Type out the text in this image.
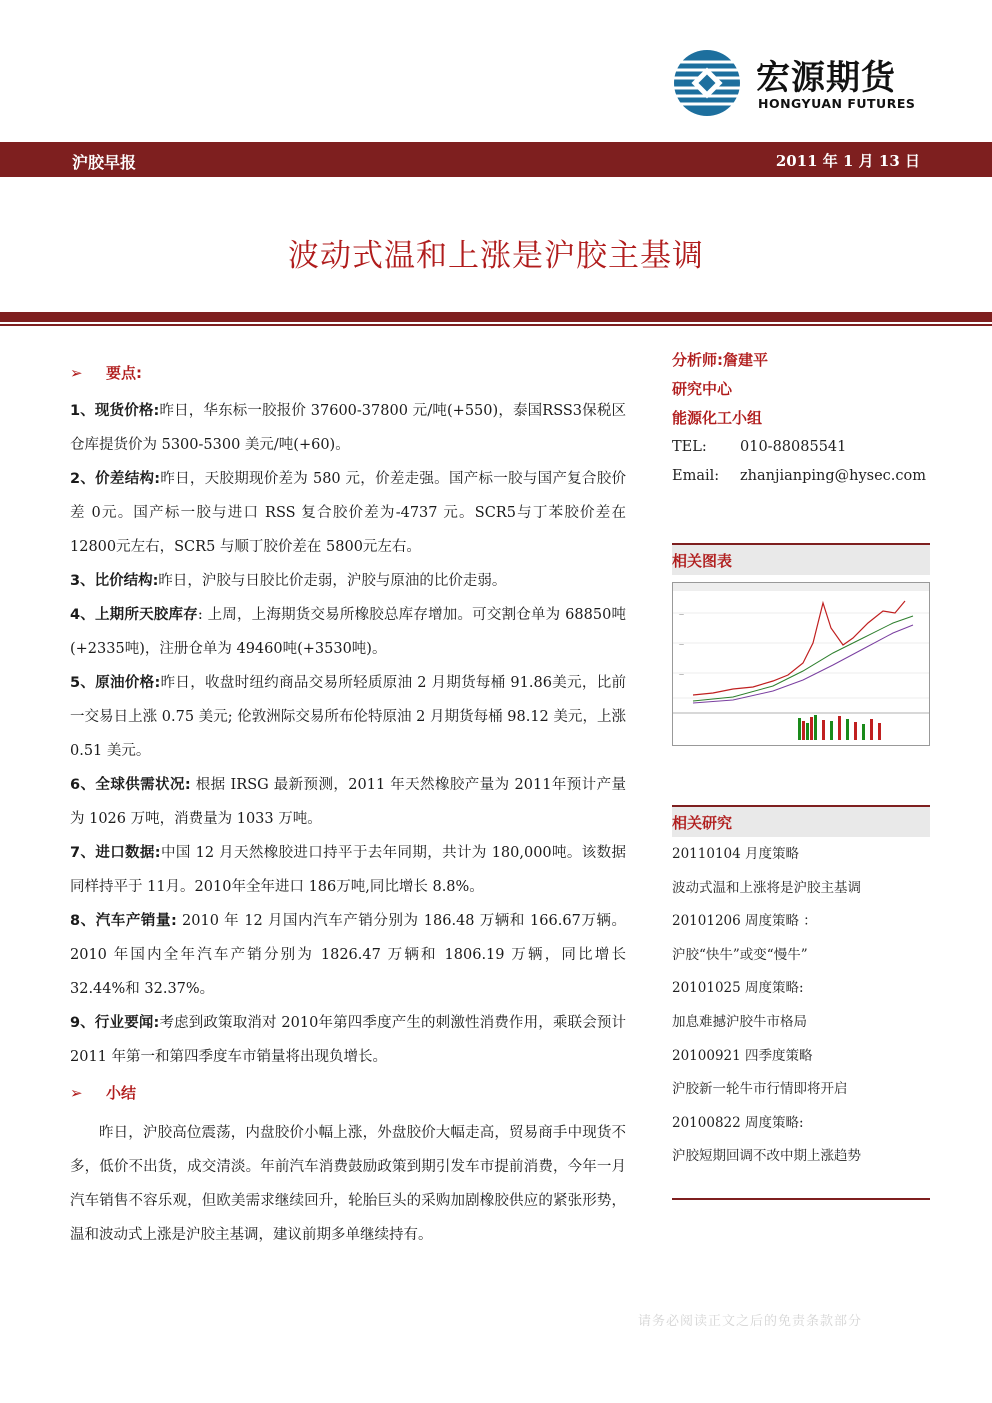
宏源期货
HONGYUAN FUTURES
沪胶早报	2011 年 1 月 13 日
波动式温和上涨是沪胶主基调
➢ 要点:

1、现货价格:昨日，华东标一胶报价 37600-37800 元/吨(+550)，泰国RSS3保税区仓库提货价为 5300-5300 美元/吨(+60)。

2、价差结构:昨日，天胶期现价差为 580 元，价差走强。国产标一胶与国产复合胶价差 0元。国产标一胶与进口 RSS 复合胶价差为-4737 元。SCR5与丁苯胶价差在 12800元左右，SCR5 与顺丁胶价差在 5800元左右。

3、比价结构:昨日，沪胶与日胶比价走弱，沪胶与原油的比价走弱。

4、上期所天胶库存: 上周，上海期货交易所橡胶总库存增加。可交割仓单为 68850吨(+2335吨)，注册仓单为 49460吨(+3530吨)。

5、原油价格:昨日，收盘时纽约商品交易所轻质原油 2 月期货每桶 91.86美元，比前一交易日上涨 0.75 美元; 伦敦洲际交易所布伦特原油 2 月期货每桶 98.12 美元，上涨 0.51 美元。

6、全球供需状况: 根据 IRSG 最新预测，2011 年天然橡胶产量为 2011年预计产量为 1026 万吨，消费量为 1033 万吨。

7、进口数据:中国 12 月天然橡胶进口持平于去年同期，共计为 180,000吨。该数据同样持平于 11月。2010年全年进口 186万吨,同比增长 8.8%。

8、汽车产销量: 2010 年 12 月国内汽车产销分别为 186.48 万辆和 166.67万辆。2010 年国内全年汽车产销分别为 1826.47 万辆和 1806.19 万辆，同比增长 32.44%和 32.37%。

9、行业要闻:考虑到政策取消对 2010年第四季度产生的刺激性消费作用，乘联会预计 2011 年第一和第四季度车市销量将出现负增长。

➢ 小结

昨日，沪胶高位震荡，内盘胶价小幅上涨，外盘胶价大幅走高，贸易商手中现货不多，低价不出货，成交清淡。年前汽车消费鼓励政策到期引发车市提前消费，今年一月汽车销售不容乐观，但欧美需求继续回升，轮胎巨头的采购加剧橡胶供应的紧张形势，温和波动式上涨是沪胶主基调，建议前期多单继续持有。

分析师:詹建平
研究中心
能源化工小组
TEL: 010-88085541
Email: zhanjianping@hysec.com
相关图表
—
—
—
相关研究
20110104 月度策略
波动式温和上涨将是沪胶主基调
20101206 周度策略 ：
沪胶“快牛”或变“慢牛”
20101025 周度策略:
加息难撼沪胶牛市格局
20100921 四季度策略
沪胶新一轮牛市行情即将开启
20100822 周度策略:
沪胶短期回调不改中期上涨趋势
请务必阅读正文之后的免责条款部分
